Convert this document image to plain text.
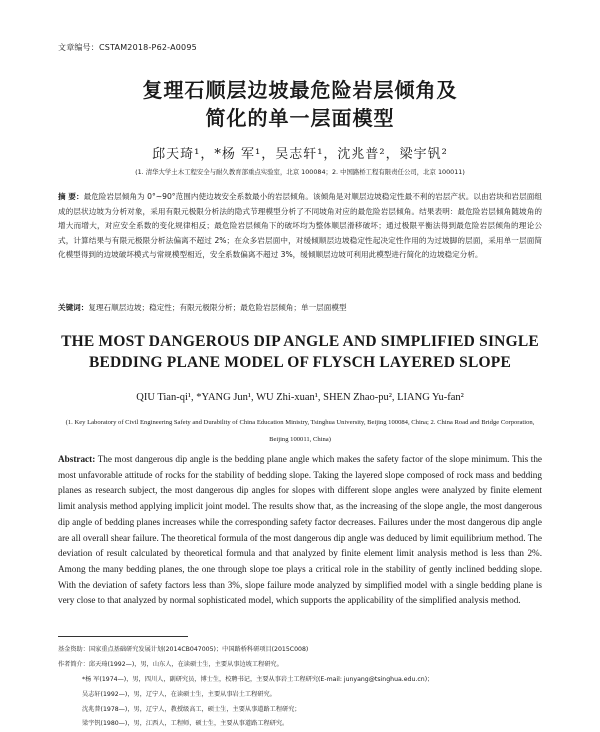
文章编号：CSTAM2018-P62-A0095
复理石顺层边坡最危险岩层倾角及
简化的单一层面模型
邱天琦¹，*杨 军¹，吴志轩¹，沈兆普²，梁宇钒²
(1. 清华大学土木工程安全与耐久教育部重点实验室，北京 100084；2. 中国路桥工程有限责任公司，北京 100011)
摘 要：最危险岩层倾角为 0°~90°范围内使边坡安全系数最小的岩层倾角。该倾角是对顺层边坡稳定性最不利的岩层产状。以由岩块和岩层面组成的层状边坡为分析对象，采用有限元极限分析法的隐式节理模型分析了不同坡角对应的最危险岩层倾角。结果表明：最危险岩层倾角随坡角的增大而增大，对应安全系数的变化规律相反；最危险岩层倾角下的破坏均为整体顺层滑移破坏；通过极限平衡法得到最危险岩层倾角的理论公式，计算结果与有限元极限分析法偏离不超过 2%；在众多岩层面中，对缓倾顺层边坡稳定性起决定性作用的为过坡脚的层面，采用单一层面简化模型得到的边坡破坏模式与常规模型相近，安全系数偏离不超过 3%，缓倾顺层边坡可利用此模型进行简化的边坡稳定分析。
关键词：复理石顺层边坡；稳定性；有限元极限分析；最危险岩层倾角；单一层面模型
THE MOST DANGEROUS DIP ANGLE AND SIMPLIFIED SINGLE
BEDDING PLANE MODEL OF FLYSCH LAYERED SLOPE
QIU Tian-qi¹, *YANG Jun¹, WU Zhi-xuan¹, SHEN Zhao-pu², LIANG Yu-fan²
(1. Key Laboratory of Civil Engineering Safety and Durability of China Education Ministry, Tsinghua University, Beijing 100084, China; 2. China Road and Bridge Corporation, Beijing 100011, China)
Abstract: The most dangerous dip angle is the bedding plane angle which makes the safety factor of the slope minimum. This the most unfavorable attitude of rocks for the stability of bedding slope. Taking the layered slope composed of rock mass and bedding planes as research subject, the most dangerous dip angles for slopes with different slope angles were analyzed by finite element limit analysis method applying implicit joint model. The results show that, as the increasing of the slope angle, the most dangerous dip angle of bedding planes increases while the corresponding safety factor decreases. Failures under the most dangerous dip angle are all overall shear failure. The theoretical formula of the most dangerous dip angle was deduced by limit equilibrium method. The deviation of result calculated by theoretical formula and that analyzed by finite element limit analysis method is less than 2%. Among the many bedding planes, the one through slope toe plays a critical role in the stability of gently inclined bedding slope. With the deviation of safety factors less than 3%, slope failure mode analyzed by simplified model with a single bedding plane is very close to that analyzed by normal sophisticated model, which supports the applicability of the simplified analysis method.
基金资助：国家重点基础研究发展计划(2014CB047005)；中国路桥科研项目(2015C008)
作者简介：邱天琦(1992—)，男，山东人，在读硕士生，主要从事边坡工程研究。
*杨 军(1974—)，男，四川人，副研究员，博士生，校聘书记，主要从事岩土工程研究(E-mail: junyang@tsinghua.edu.cn)；
吴志轩(1992—)，男，辽宁人，在读硕士生，主要从事岩土工程研究。
沈兆普(1978—)，男，辽宁人，教授级高工，硕士生，主要从事道路工程研究；
梁宇钒(1980—)，男，江西人，工程师，硕士生，主要从事道路工程研究。
